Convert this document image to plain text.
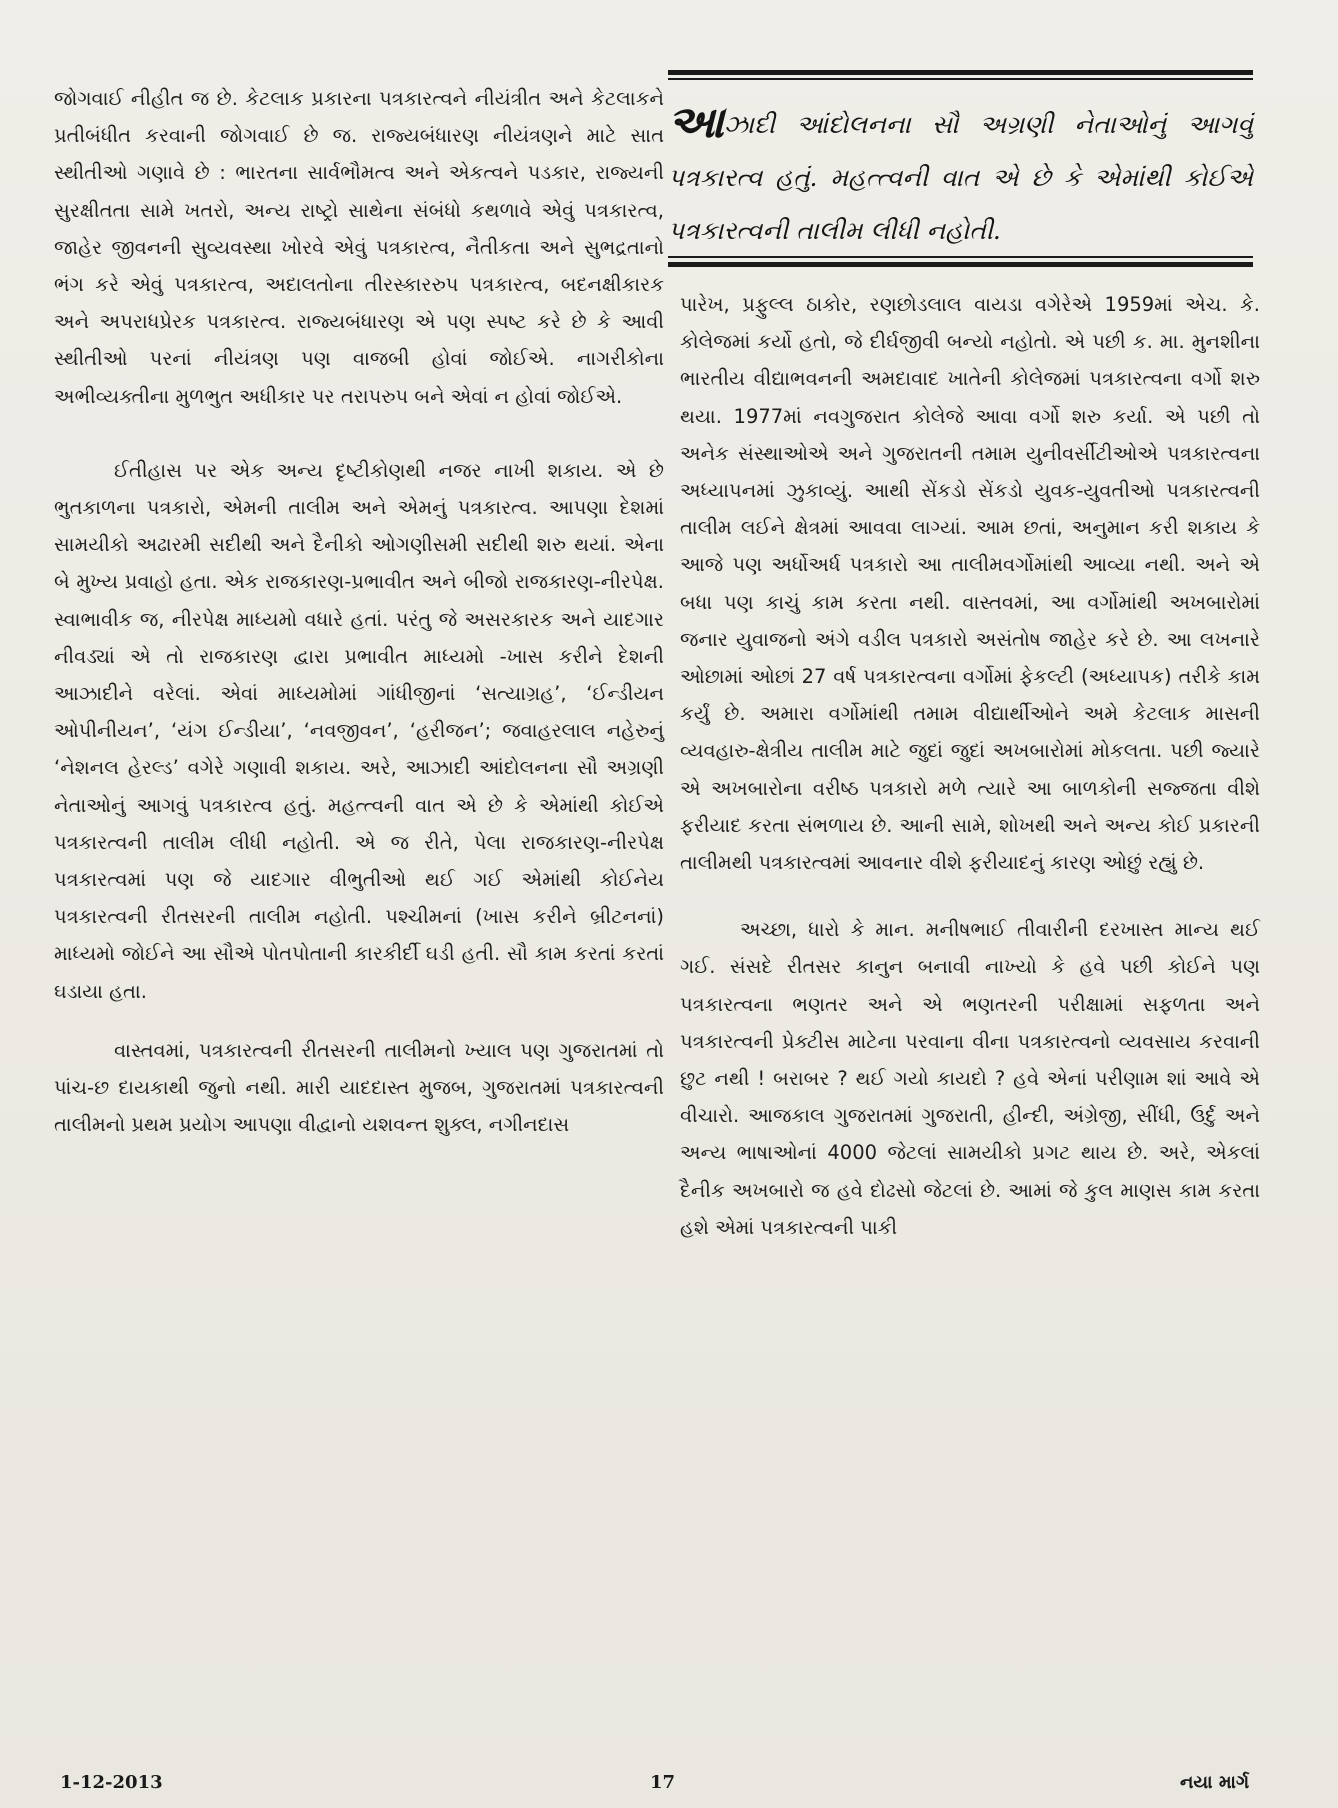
જોગવાઈ નીહીત જ છે. કેટલાક પ્રકારના પત્રકારત્વને નીયંત્રીત અને કેટલાકને પ્રતીબંધીત કરવાની જોગવાઈ છે જ. રાજ્યબંધારણ નીયંત્રણને માટે સાત સ્થીતીઓ ગણાવે છે : ભારતના સાર્વભૌમત્વ અને એકત્વને પડકાર, રાજ્યની સુરક્ષીતતા સામે ખતરો, અન્ય રાષ્ટ્રો સાથેના સંબંધો કથળાવે એવું પત્રકારત્વ, જાહેર જીવનની સુવ્યવસ્થા ખોરવે એવું પત્રકારત્વ, નૈતીકતા અને સુભદ્રતાનો ભંગ કરે એવું પત્રકારત્વ, અદાલતોના તીરસ્કારરુપ પત્રકારત્વ, બદનક્ષીકારક અને અપરાધપ્રેરક પત્રકારત્વ. રાજ્યબંધારણ એ પણ સ્પષ્ટ કરે છે કે આવી સ્થીતીઓ પરનાં નીયંત્રણ પણ વાજબી હોવાં જોઈએ. નાગરીકોના અભીવ્યક્તીના મુળભુત અધીકાર પર તરાપરુપ બને એવાં ન હોવાં જોઈએ.

ઈતીહાસ પર એક અન્ય દૃષ્ટીકોણથી નજર નાખી શકાય. એ છે ભુતકાળના પત્રકારો, એમની તાલીમ અને એમનું પત્રકારત્વ. આપણા દેશમાં સામયીકો અઢારમી સદીથી અને દૈનીકો ઓગણીસમી સદીથી શરુ થયાં. એના બે મુખ્ય પ્રવાહો હતા. એક રાજકારણ-પ્રભાવીત અને બીજો રાજકારણ-નીરપેક્ષ. સ્વાભાવીક જ, નીરપેક્ષ માધ્યમો વધારે હતાં. પરંતુ જે અસરકારક અને યાદગાર નીવડ્યાં એ તો રાજકારણ દ્વારા પ્રભાવીત માધ્યમો -ખાસ કરીને દેશની આઝાદીને વરેલાં. એવાં માધ્યમોમાં ગાંધીજીનાં ‘સત્યાગ્રહ’, ‘ઈન્ડીયન ઓપીનીયન’, ‘યંગ ઈન્ડીયા’, ‘નવજીવન’, ‘હરીજન’; જવાહરલાલ નહેરુનું ‘નેશનલ હેરલ્ડ’ વગેરે ગણાવી શકાય. અરે, આઝાદી આંદોલનના સૌ અગ્રણી નેતાઓનું આગવું પત્રકારત્વ હતું. મહત્ત્વની વાત એ છે કે એમાંથી કોઈએ પત્રકારત્વની તાલીમ લીધી નહોતી. એ જ રીતે, પેલા રાજકારણ-નીરપેક્ષ પત્રકારત્વમાં પણ જે યાદગાર વીભુતીઓ થઈ ગઈ એમાંથી કોઈનેય પત્રકારત્વની રીતસરની તાલીમ નહોતી. પશ્ચીમનાં (ખાસ કરીને બ્રીટનનાં) માધ્યમો જોઈને આ સૌએ પોતપોતાની કારકીર્દી ઘડી હતી. સૌ કામ કરતાં કરતાં ઘડાયા હતા.

વાસ્તવમાં, પત્રકારત્વની રીતસરની તાલીમનો ખ્યાલ પણ ગુજરાતમાં તો પાંચ-છ દાયકાથી જુનો નથી. મારી યાદદાસ્ત મુજબ, ગુજરાતમાં પત્રકારત્વની તાલીમનો પ્રથમ પ્રયોગ આપણા વીદ્વાનો યશવન્ત શુક્લ, નગીનદાસ

આઝાદી આંદોલનના સૌ અગ્રણી નેતાઓનું આગવું પત્રકારત્વ હતું. મહત્ત્વની વાત એ છે કે એમાંથી કોઈએ પત્રકારત્વની તાલીમ લીધી નહોતી.

પારેખ, પ્રફુલ્લ ઠાકોર, રણછોડલાલ વાયડા વગેરેએ 1959માં એચ. કે. કોલેજમાં કર્યો હતો, જે દીર્ઘજીવી બન્યો નહોતો. એ પછી ક. મા. મુનશીના ભારતીય વીદ્યાભવનની અમદાવાદ ખાતેની કોલેજમાં પત્રકારત્વના વર્ગો શરુ થયા. 1977માં નવગુજરાત કોલેજે આવા વર્ગો શરુ કર્યા. એ પછી તો અનેક સંસ્થાઓએ અને ગુજરાતની તમામ યુનીવર્સીટીઓએ પત્રકારત્વના અધ્યાપનમાં ઝુકાવ્યું. આથી સેંકડો સેંકડો યુવક-યુવતીઓ પત્રકારત્વની તાલીમ લઈને ક્ષેત્રમાં આવવા લાગ્યાં. આમ છતાં, અનુમાન કરી શકાય કે આજે પણ અર્ધોઅર્ધ પત્રકારો આ તાલીમવર્ગોમાંથી આવ્યા નથી. અને એ બધા પણ કાચું કામ કરતા નથી. વાસ્તવમાં, આ વર્ગોમાંથી અખબારોમાં જનાર યુવાજનો અંગે વડીલ પત્રકારો અસંતોષ જાહેર કરે છે. આ લખનારે ઓછામાં ઓછાં 27 વર્ષ પત્રકારત્વના વર્ગોમાં ફેકલ્ટી (અધ્યાપક) તરીકે કામ કર્યું છે. અમારા વર્ગોમાંથી તમામ વીદ્યાર્થીઓને અમે કેટલાક માસની વ્યવહારુ-ક્ષેત્રીય તાલીમ માટે જુદાં જુદાં અખબારોમાં મોકલતા. પછી જ્યારે એ અખબારોના વરીષ્ઠ પત્રકારો મળે ત્યારે આ બાળકોની સજ્જતા વીશે ફરીયાદ કરતા સંભળાય છે. આની સામે, શોખથી અને અન્ય કોઈ પ્રકારની તાલીમથી પત્રકારત્વમાં આવનાર વીશે ફરીયાદનું કારણ ઓછું રહ્યું છે.

અચ્છા, ધારો કે માન. મનીષભાઈ તીવારીની દરખાસ્ત માન્ય થઈ ગઈ. સંસદે રીતસર કાનુન બનાવી નાખ્યો કે હવે પછી કોઈને પણ પત્રકારત્વના ભણતર અને એ ભણતરની પરીક્ષામાં સફળતા અને પત્રકારત્વની પ્રેક્ટીસ માટેના પરવાના વીના પત્રકારત્વનો વ્યવસાય કરવાની છુટ નથી ! બરાબર ? થઈ ગયો કાયદો ? હવે એનાં પરીણામ શાં આવે એ વીચારો. આજકાલ ગુજરાતમાં ગુજરાતી, હીન્દી, અંગ્રેજી, સીંધી, ઉર્દુ અને અન્ય ભાષાઓનાં 4000 જેટલાં સામયીકો પ્રગટ થાય છે. અરે, એકલાં દૈનીક અખબારો જ હવે દોઢસો જેટલાં છે. આમાં જે કુલ માણસ કામ કરતા હશે એમાં પત્રકારત્વની પાકી

1-12-2013	17	નયા માર્ગ
